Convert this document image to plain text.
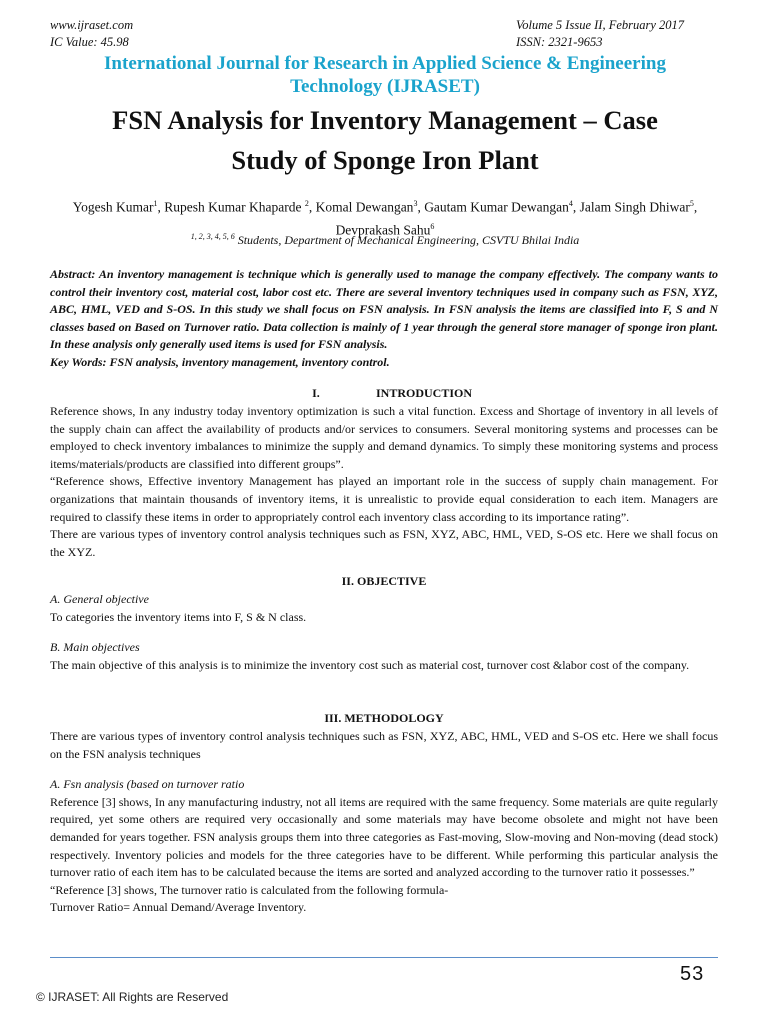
www.ijraset.com	Volume 5 Issue II, February 2017
IC Value: 45.98	ISSN: 2321-9653
International Journal for Research in Applied Science & Engineering
Technology (IJRASET)
FSN Analysis for Inventory Management – Case
Study of Sponge Iron Plant
Yogesh Kumar$^1$, Rupesh Kumar Khaparde $^2$, Komal Dewangan$^3$, Gautam Kumar Dewangan$^4$, Jalam Singh Dhiwar$^5$,
Devprakash Sahu$^6$
$^{1, 2, 3, 4, 5, 6}$ Students, Department of Mechanical Engineering, CSVTU Bhilai India

Abstract: An inventory management is technique which is generally used to manage the company effectively. The company wants to control their inventory cost, material cost, labor cost etc. There are several inventory techniques used in company such as FSN, XYZ, ABC, HML, VED and S-OS. In this study we shall focus on FSN analysis. In FSN analysis the items are classified into F, S and N classes based on Based on Turnover ratio. Data collection is mainly of 1 year through the general store manager of sponge iron plant. In these analysis only generally used items is used for FSN analysis.

Key Words: FSN analysis, inventory management, inventory control.

I.	INTRODUCTION

Reference shows, In any industry today inventory optimization is such a vital function. Excess and Shortage of inventory in all levels of the supply chain can affect the availability of products and/or services to consumers. Several monitoring systems and processes can be employed to check inventory imbalances to minimize the supply and demand dynamics. To simply these monitoring systems and process items/materials/products are classified into different groups”.

“Reference shows, Effective inventory Management has played an important role in the success of supply chain management. For organizations that maintain thousands of inventory items, it is unrealistic to provide equal consideration to each item. Managers are required to classify these items in order to appropriately control each inventory class according to its importance rating”.

There are various types of inventory control analysis techniques such as FSN, XYZ, ABC, HML, VED, S-OS etc. Here we shall focus on the XYZ.

II. OBJECTIVE

A. General objective

To categories the inventory items into F, S & N class.

B. Main objectives

The main objective of this analysis is to minimize the inventory cost such as material cost, turnover cost &labor cost of the company.

III. METHODOLOGY

There are various types of inventory control analysis techniques such as FSN, XYZ, ABC, HML, VED and S-OS etc. Here we shall focus on the FSN analysis techniques

A. Fsn analysis (based on turnover ratio

Reference [3] shows, In any manufacturing industry, not all items are required with the same frequency. Some materials are quite regularly required, yet some others are required very occasionally and some materials may have become obsolete and might not have been demanded for years together. FSN analysis groups them into three categories as Fast-moving, Slow-moving and Non-moving (dead stock) respectively. Inventory policies and models for the three categories have to be different. While performing this particular analysis the turnover ratio of each item has to be calculated because the items are sorted and analyzed according to the turnover ratio it possesses.”

“Reference [3] shows, The turnover ratio is calculated from the following formula-

Turnover Ratio= Annual Demand/Average Inventory.

53
© IJRASET: All Rights are Reserved
